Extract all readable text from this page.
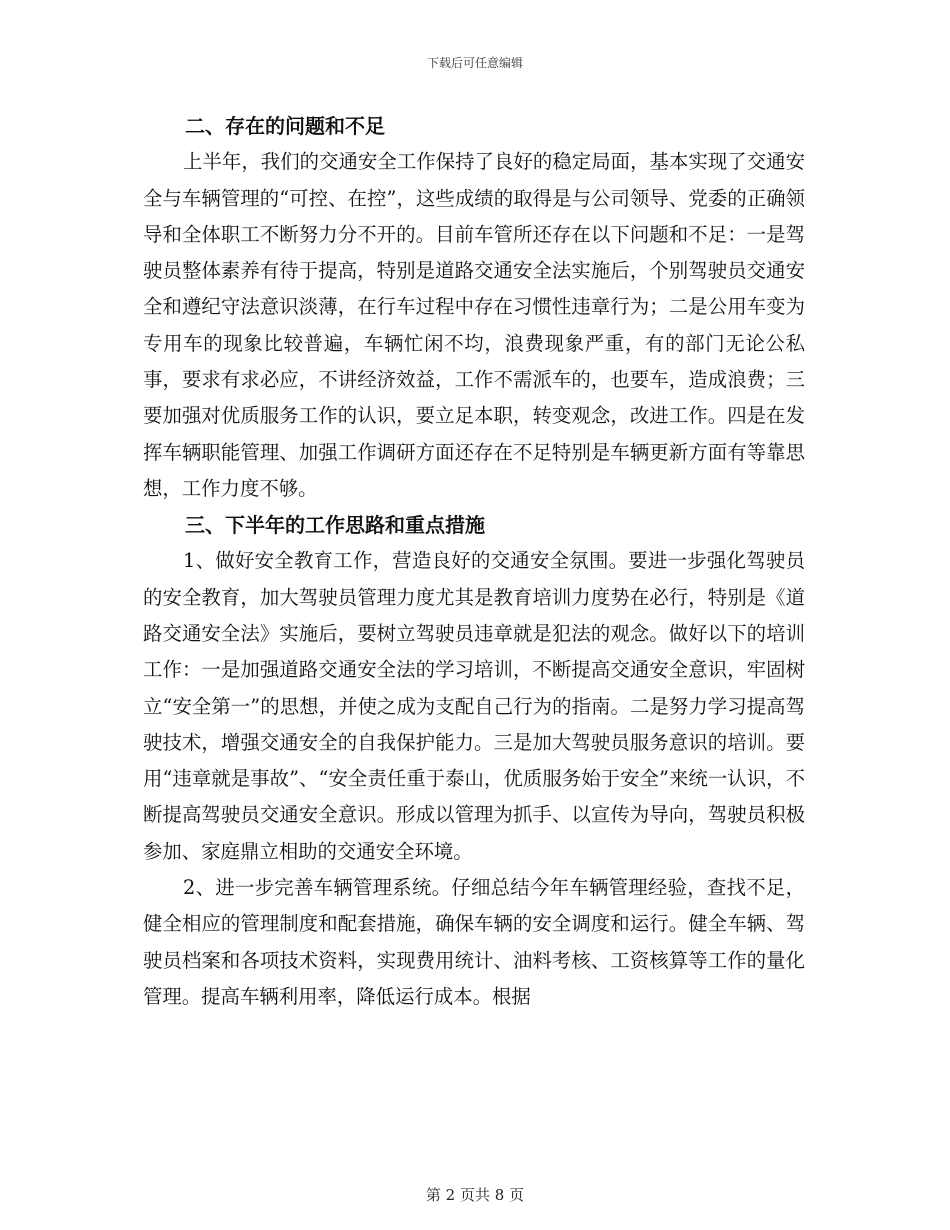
下载后可任意编辑
二、存在的问题和不足

上半年，我们的交通安全工作保持了良好的稳定局面，基本实现了交通安全与车辆管理的“可控、在控”，这些成绩的取得是与公司领导、党委的正确领导和全体职工不断努力分不开的。目前车管所还存在以下问题和不足：一是驾驶员整体素养有待于提高，特别是道路交通安全法实施后，个别驾驶员交通安全和遵纪守法意识淡薄，在行车过程中存在习惯性违章行为；二是公用车变为专用车的现象比较普遍，车辆忙闲不均，浪费现象严重，有的部门无论公私事，要求有求必应，不讲经济效益，工作不需派车的，也要车，造成浪费；三要加强对优质服务工作的认识，要立足本职，转变观念，改进工作。四是在发挥车辆职能管理、加强工作调研方面还存在不足特别是车辆更新方面有等靠思想，工作力度不够。

三、下半年的工作思路和重点措施

1、做好安全教育工作，营造良好的交通安全氛围。要进一步强化驾驶员的安全教育，加大驾驶员管理力度尤其是教育培训力度势在必行，特别是《道路交通安全法》实施后，要树立驾驶员违章就是犯法的观念。做好以下的培训工作：一是加强道路交通安全法的学习培训，不断提高交通安全意识，牢固树立“安全第一”的思想，并使之成为支配自己行为的指南。二是努力学习提高驾驶技术，增强交通安全的自我保护能力。三是加大驾驶员服务意识的培训。要用“违章就是事故”、“安全责任重于泰山，优质服务始于安全”来统一认识，不断提高驾驶员交通安全意识。形成以管理为抓手、以宣传为导向，驾驶员积极参加、家庭鼎立相助的交通安全环境。

2、进一步完善车辆管理系统。仔细总结今年车辆管理经验，查找不足，健全相应的管理制度和配套措施，确保车辆的安全调度和运行。健全车辆、驾驶员档案和各项技术资料，实现费用统计、油料考核、工资核算等工作的量化管理。提高车辆利用率，降低运行成本。根据

第 2 页共 8 页
